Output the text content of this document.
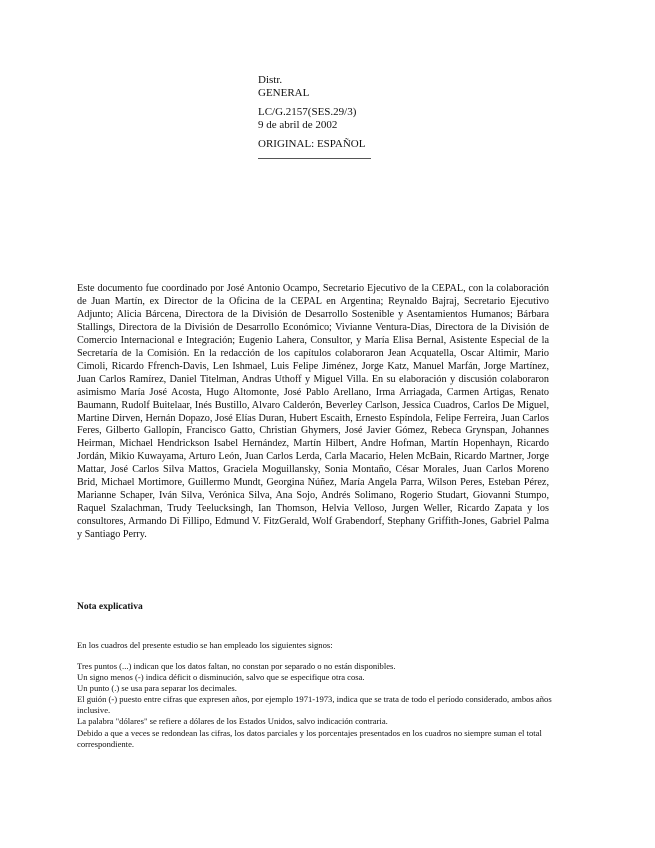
Distr.
GENERAL
LC/G.2157(SES.29/3)
9 de abril de 2002
ORIGINAL: ESPAÑOL
Este documento fue coordinado por José Antonio Ocampo, Secretario Ejecutivo de la CEPAL, con la colaboración de Juan Martín, ex Director de la Oficina de la CEPAL en Argentina; Reynaldo Bajraj, Secretario Ejecutivo Adjunto; Alicia Bárcena, Directora de la División de Desarrollo Sostenible y Asentamientos Humanos; Bárbara Stallings, Directora de la División de Desarrollo Económico; Vivianne Ventura-Dias, Directora de la División de Comercio Internacional e Integración; Eugenio Lahera, Consultor, y María Elisa Bernal, Asistente Especial de la Secretaría de la Comisión. En la redacción de los capítulos colaboraron Jean Acquatella, Oscar Altimir, Mario Cimoli, Ricardo Ffrench-Davis, Len Ishmael, Luis Felipe Jiménez, Jorge Katz, Manuel Marfán, Jorge Martínez, Juan Carlos Ramírez, Daniel Titelman, Andras Uthoff y Miguel Villa. En su elaboración y discusión colaboraron asimismo María José Acosta, Hugo Altomonte, José Pablo Arellano, Irma Arriagada, Carmen Artigas, Renato Baumann, Rudolf Buitelaar, Inés Bustillo, Alvaro Calderón, Beverley Carlson, Jessica Cuadros, Carlos De Miguel, Martine Dirven, Hernán Dopazo, José Elías Duran, Hubert Escaith, Ernesto Espíndola, Felipe Ferreira, Juan Carlos Feres, Gilberto Gallopín, Francisco Gatto, Christian Ghymers, José Javier Gómez, Rebeca Grynspan, Johannes Heirman, Michael Hendrickson Isabel Hernández, Martín Hilbert, Andre Hofman, Martín Hopenhayn, Ricardo Jordán, Mikio Kuwayama, Arturo León, Juan Carlos Lerda, Carla Macario, Helen McBain, Ricardo Martner, Jorge Mattar, José Carlos Silva Mattos, Graciela Moguillansky, Sonia Montaño, César Morales, Juan Carlos Moreno Brid, Michael Mortimore, Guillermo Mundt, Georgina Núñez, María Angela Parra, Wilson Peres, Esteban Pérez, Marianne Schaper, Iván Silva, Verónica Silva, Ana Sojo, Andrés Solimano, Rogerio Studart, Giovanni Stumpo, Raquel Szalachman, Trudy Teelucksingh, Ian Thomson, Helvia Velloso, Jurgen Weller, Ricardo Zapata y los consultores, Armando Di Fillipo, Edmund V. FitzGerald, Wolf Grabendorf, Stephany Griffith-Jones, Gabriel Palma y Santiago Perry.
Nota explicativa
En los cuadros del presente estudio se han empleado los siguientes signos:
Tres puntos (...) indican que los datos faltan, no constan por separado o no están disponibles.
Un signo menos (-) indica déficit o disminución, salvo que se especifique otra cosa.
Un punto (.) se usa para separar los decimales.
El guión (-) puesto entre cifras que expresen años, por ejemplo 1971-1973, indica que se trata de todo el período considerado, ambos años inclusive.
La palabra "dólares" se refiere a dólares de los Estados Unidos, salvo indicación contraria.
Debido a que a veces se redondean las cifras, los datos parciales y los porcentajes presentados en los cuadros no siempre suman el total correspondiente.
